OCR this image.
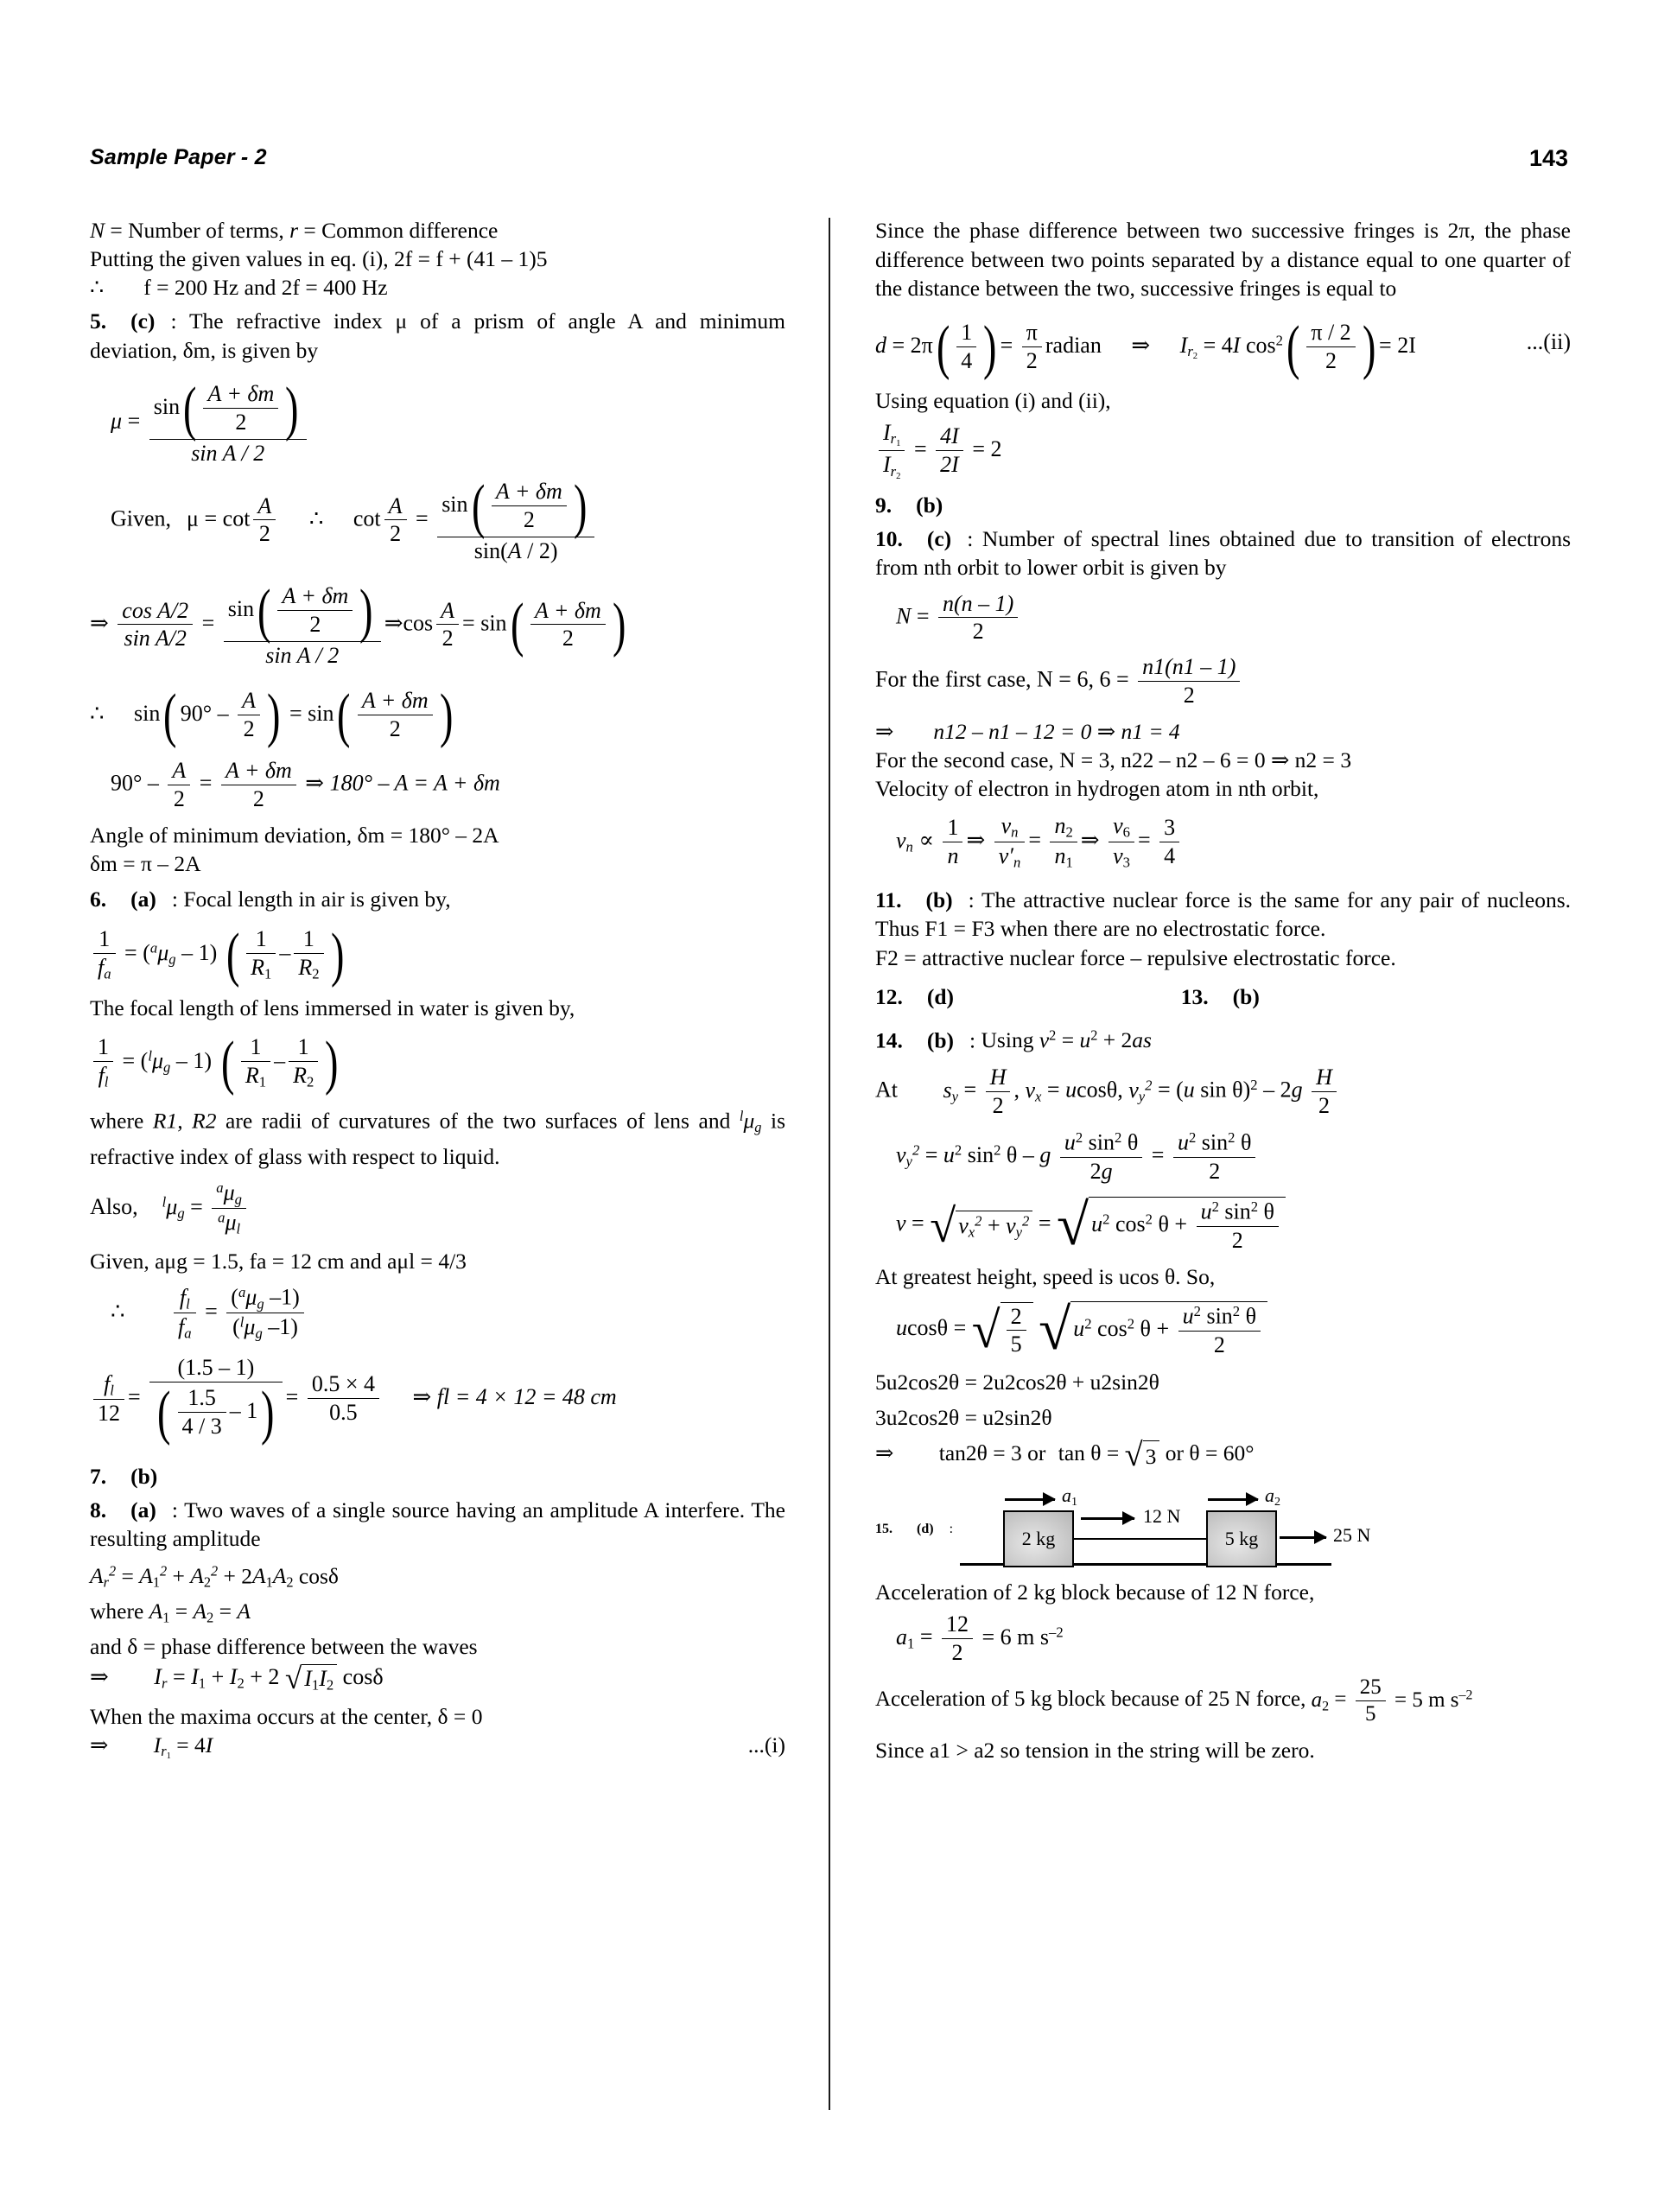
Sample Paper - 2	143
N = Number of terms, r = Common difference
Putting the given values in eq. (i), 2f = f + (41 – 1)5
∴ f = 200 Hz and 2f = 400 Hz
5. (c) : The refractive index μ of a prism of angle A and minimum deviation, δm, is given by
$\mu = \frac{\sin( \frac{A + \delta m}{2} )}{\text{sin A / 2}}$
Given, $\mu = \cot \frac{A}{2}$ ∴ $\cot \frac{A}{2} = \frac{\sin( \frac{A + \delta m}{2} )}{\sin(A / 2)}$
⇒ $\frac{\text{cos A/2}}{\text{sin A/2}} = \frac{\sin( \frac{A + \delta m}{2} )}{\text{sin A / 2}}$ ⇒cos $\frac{A}{2} = \sin( \frac{A + \delta m}{2}$ )
∴ sin( $90^\circ - \frac{A}{2}$ ) = $\sin( \frac{A + \delta m}{2}$ )
$90^\circ - \frac{A}{2} = \frac{A + \delta m}{2}$ ⇒ 180° – A = A + δm
Angle of minimum deviation, δm = 180° – 2A
δm = π – 2A
6. (a) : Focal length in air is given by,
$\frac{1}{f_a} = (^a\mu_g - 1)$ ( $\frac{1}{R_1} - \frac{1}{R_2}$ )
The focal length of lens immersed in water is given by,
$\frac{1}{f_l} = (^l\mu_g - 1)$ ( $\frac{1}{R_1} - \frac{1}{R_2}$ )
where R1, R2 are radii of curvatures of the two surfaces of lens and $^l\mu_g$ is refractive index of glass with respect to liquid.
Also, $^l\mu_g = \frac{^a\mu_g}{^a\mu_l}$
Given, aμg = 1.5, fa = 12 cm and aμl = 4/3
∴ $\frac{f_l}{f_a} = \frac{(^a\mu_g -1)}{(^l\mu_g -1)}$
$\frac{f_l}{12} = \frac{(1.5 - 1)}{( \frac{1.5}{4 / 3} - 1)} = \frac{0.5 \times 4}{0.5}$ ⇒ fl = 4 × 12 = 48 cm
7. (b)
8. (a) : Two waves of a single source having an amplitude A interfere. The resulting amplitude
$A_r^2 = A_1^2 + A_2^2 + 2A_1A_2$ cosδ
where $A_1 = A_2 = A$
and δ = phase difference between the waves
⇒ $I_r = I_1 + I_2 + 2$ √ $I_1I_2$ cosδ
When the maxima occurs at the center, δ = 0
⇒ $I_{r_1} = 4I$	...(i)
Since the phase difference between two successive fringes is 2π, the phase difference between two points separated by a distance equal to one quarter of the distance between the two, successive fringes is equal to
$d = 2\pi( \frac{1}{4}$ ) = $\frac{\pi}{2}$ radian ⇒ $I_{r_2} = 4I$ $\cos^2( \frac{\pi / 2}{2}$ ) = 2I	...(ii)
Using equation (i) and (ii),
$\frac{I_{r_1}}{I_{r_2}} = \frac{4I}{2I} = 2$
9. (b)
10. (c) : Number of spectral lines obtained due to transition of electrons from nth orbit to lower orbit is given by
$N = \frac{n(n - 1)}{2}$
For the first case, N = 6, $6 = \frac{n1(n1 - 1)}{2}$
⇒ n12 – n1 – 12 = 0 ⇒ n1 = 4
For the second case, N = 3, n22 – n2 – 6 = 0 ⇒ n2 = 3
Velocity of electron in hydrogen atom in nth orbit,
$v_n \propto \frac{1}{n}$ ⇒ $\frac{v_n}{v'_n} = \frac{n_2}{n_1}$ ⇒ $\frac{v_6}{v_3} = \frac{3}{4}$
11. (b) : The attractive nuclear force is the same for any pair of nucleons. Thus F1 = F3 when there are no electrostatic force.
F2 = attractive nuclear force – repulsive electrostatic force.
12. (d)	13. (b)
14. (b) : Using $v^2 = u^2 + 2as$
At $s_y = \frac{H}{2}$ , $v_x = ucos\theta$, $v_y^2 = (u$ $\sin \theta)^2 - 2g \frac{H}{2}$
$v_y^2 = u^2$ $\sin^2 \theta - g \frac{u^2 \sin^2 \theta}{2g} = \frac{u^2 \sin^2 \theta}{2}$
v = √ $v_x^2 + v_y^2$ = √ $u^2$ $\cos^2 \theta + \frac{u^2 \sin^2 \theta}{2}$
At greatest height, speed is ucos θ. So,
ucosθ = √ $\frac{2}{5}$ √ $u^2$ $\cos^2 \theta + \frac{u^2 \sin^2 \theta}{2}$
5u2cos2θ = 2u2cos2θ + u2sin2θ
3u2cos2θ = u2sin2θ
⇒ tan2θ = 3 or tan θ = √ 3 or θ = 60°
15. (d) :	2 kg	5 kg
$a_1$	$a_2$
12 N
25 N
Acceleration of 2 kg block because of 12 N force,
$a_1 = \frac{12}{2} = 6$ m $s^{-2}$
Acceleration of 5 kg block because of 25 N force, $a_2 = \frac{25}{5} = 5$ m $s^{-2}$
Since a1 > a2 so tension in the string will be zero.
